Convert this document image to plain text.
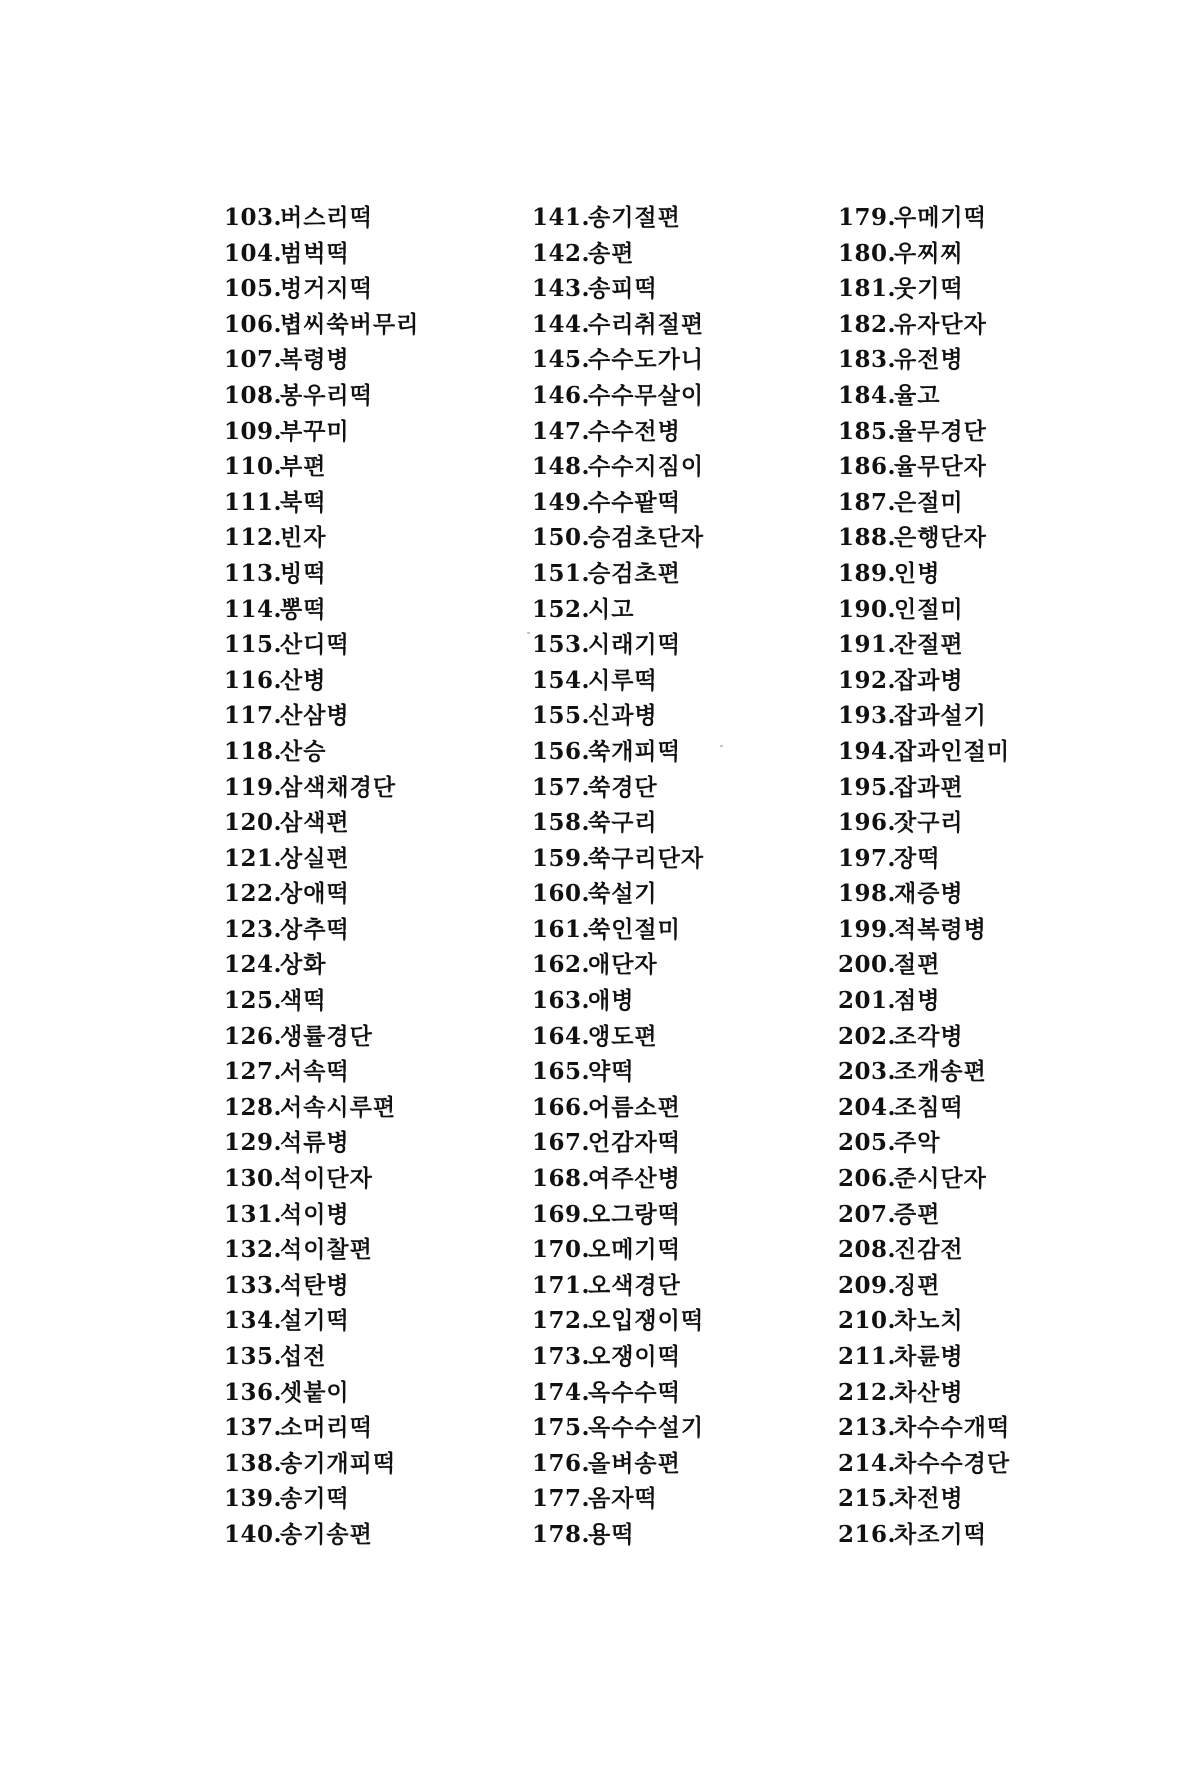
103.
버스리떡
104.
범벅떡
105.
벙거지떡
106.
볍씨쑥버무리
107.
복령병
108.
봉우리떡
109.
부꾸미
110.
부편
111.
북떡
112.
빈자
113.
빙떡
114.
뽕떡
115.
산디떡
116.
산병
117.
산삼병
118.
산승
119.
삼색채경단
120.
삼색편
121.
상실편
122.
상애떡
123.
상추떡
124.
상화
125.
색떡
126.
생률경단
127.
서속떡
128.
서속시루편
129.
석류병
130.
석이단자
131.
석이병
132.
석이찰편
133.
석탄병
134.
설기떡
135.
섭전
136.
셋붙이
137.
소머리떡
138.
송기개피떡
139.
송기떡
140.
송기송편
141.
송기절편
142.
송편
143.
송피떡
144.
수리취절편
145.
수수도가니
146.
수수무살이
147.
수수전병
148.
수수지짐이
149.
수수팥떡
150.
승검초단자
151.
승검초편
152.
시고
153.
시래기떡
154.
시루떡
155.
신과병
156.
쑥개피떡
157.
쑥경단
158.
쑥구리
159.
쑥구리단자
160.
쑥설기
161.
쑥인절미
162.
애단자
163.
애병
164.
앵도편
165.
약떡
166.
어름소편
167.
언감자떡
168.
여주산병
169.
오그랑떡
170.
오메기떡
171.
오색경단
172.
오입쟁이떡
173.
오쟁이떡
174.
옥수수떡
175.
옥수수설기
176.
올벼송편
177.
옴자떡
178.
용떡
179.
우메기떡
180.
우찌찌
181.
웃기떡
182.
유자단자
183.
유전병
184.
율고
185.
율무경단
186.
율무단자
187.
은절미
188.
은행단자
189.
인병
190.
인절미
191.
잔절편
192.
잡과병
193.
잡과설기
194.
잡과인절미
195.
잡과편
196.
잣구리
197.
장떡
198.
재증병
199.
적복령병
200.
절편
201.
점병
202.
조각병
203.
조개송편
204.
조침떡
205.
주악
206.
준시단자
207.
증편
208.
진감전
209.
징편
210.
차노치
211.
차륜병
212.
차산병
213.
차수수개떡
214.
차수수경단
215.
차전병
216.
차조기떡
